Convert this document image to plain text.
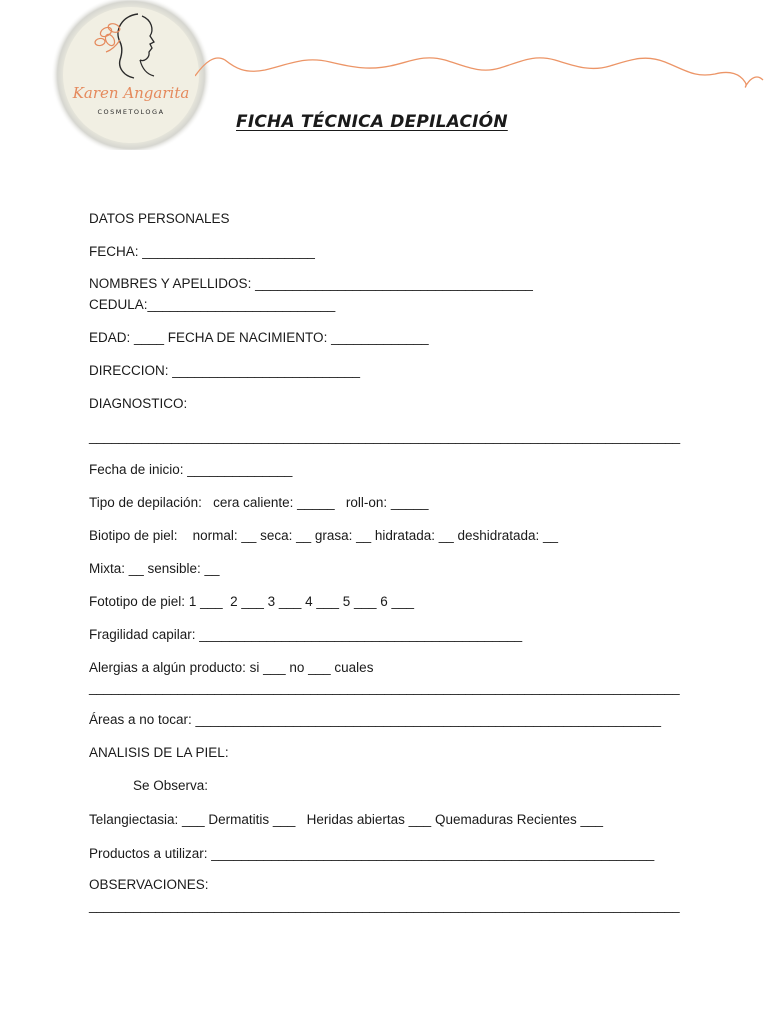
Karen Angarita
COSMETOLOGA	FICHA TÉCNICA DEPILACIÓN
DATOS PERSONALES
FECHA: _______________________
NOMBRES Y APELLIDOS: _____________________________________
CEDULA:_________________________
EDAD: ____ FECHA DE NACIMIENTO: _____________
DIRECCION: _________________________
DIAGNOSTICO:
_______________________________________________________________________________
Fecha de inicio: ______________
Tipo de depilación:   cera caliente: _____   roll-on: _____
Biotipo de piel:    normal: __ seca: __ grasa: __ hidratada: __ deshidratada: __
Mixta: __ sensible: __
Fototipo de piel: 1 ___  2 ___ 3 ___ 4 ___ 5 ___ 6 ___
Fragilidad capilar: ___________________________________________
Alergias a algún producto: si ___ no ___ cuales
________________________________________________________________________________
Áreas a no tocar: ______________________________________________________________
ANALISIS DE LA PIEL:
Se Observa:
Telangiectasia: ___ Dermatitis ___   Heridas abiertas ___ Quemaduras Recientes ___
Productos a utilizar: ___________________________________________________________
OBSERVACIONES:
________________________________________________________________________________
